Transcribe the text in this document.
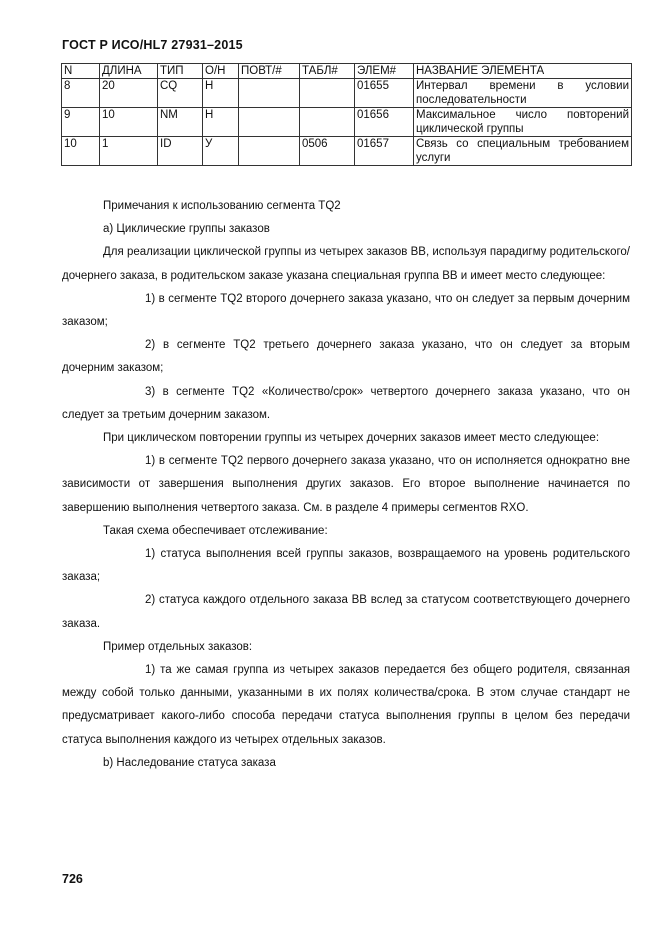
ГОСТ Р ИСО/HL7 27931–2015
N	ДЛИНА	ТИП	О/Н	ПОВТ/#	ТАБЛ#	ЭЛЕМ#	НАЗВАНИЕ ЭЛЕМЕНТА
8	20	CQ	Н			01655	Интервал времени в условии последовательности
9	10	NM	Н			01656	Максимальное число повторений циклической группы
10	1	ID	У		0506	01657	Связь со специальным требованием услуги

Примечания к использованию сегмента TQ2

а) Циклические группы заказов

Для реализации циклической группы из четырех заказов BB, используя парадигму родительского/дочернего заказа, в родительском заказе указана специальная группа BB и имеет место следующее:

1) в сегменте TQ2 второго дочернего заказа указано, что он следует за первым дочерним заказом;

2) в сегменте TQ2 третьего дочернего заказа указано, что он следует за вторым дочерним заказом;

3) в сегменте TQ2 «Количество/срок» четвертого дочернего заказа указано, что он следует за третьим дочерним заказом.

При циклическом повторении группы из четырех дочерних заказов имеет место следующее:

1) в сегменте TQ2 первого дочернего заказа указано, что он исполняется однократно вне зависимости от завершения выполнения других заказов. Его второе выполнение начинается по завершению выполнения четвертого заказа. См. в разделе 4 примеры сегментов RXO.

Такая схема обеспечивает отслеживание:

1) статуса выполнения всей группы заказов, возвращаемого на уровень родительского заказа;

2) статуса каждого отдельного заказа BB вслед за статусом соответствующего дочернего заказа.

Пример отдельных заказов:

1) та же самая группа из четырех заказов передается без общего родителя, связанная между собой только данными, указанными в их полях количества/срока. В этом случае стандарт не предусматривает какого-либо способа передачи статуса выполнения группы в целом без передачи статуса выполнения каждого из четырех отдельных заказов.

b) Наследование статуса заказа

726
